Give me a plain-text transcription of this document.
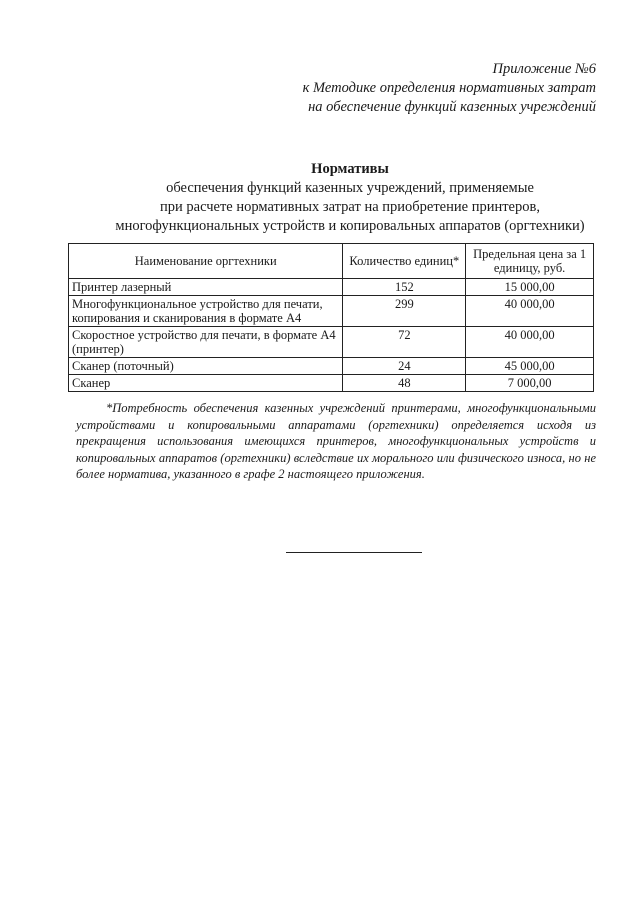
Приложение №6
к Методике определения нормативных затрат
на обеспечение функций казенных учреждений
Нормативы
обеспечения функций казенных учреждений, применяемые
при расчете нормативных затрат на приобретение принтеров,
многофункциональных устройств и копировальных аппаратов (оргтехники)
Наименование оргтехники	Количество единиц*	Предельная цена за 1 единицу, руб.
Принтер лазерный	152	15 000,00
Многофункциональное устройство для печати, копирования и сканирования в формате А4	299	40 000,00
Скоростное устройство для печати, в формате А4 (принтер)	72	40 000,00
Сканер (поточный)	24	45 000,00
Сканер	48	7 000,00
*Потребность обеспечения казенных учреждений принтерами, многофункциональными устройствами и копировальными аппаратами (оргтехники) определяется исходя из прекращения использования имеющихся принтеров, многофункциональных устройств и копировальных аппаратов (оргтехники) вследствие их морального или физического износа, но не более норматива, указанного в графе 2 настоящего приложения.
